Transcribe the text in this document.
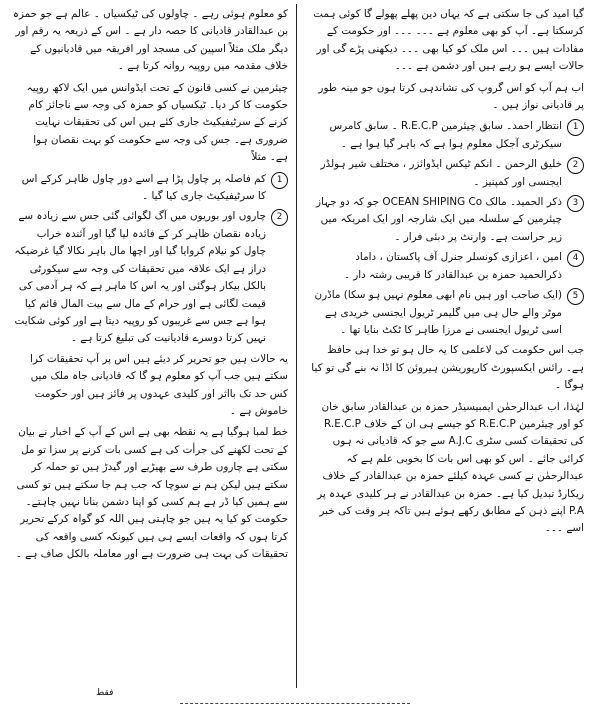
گیا امید کی جا سکتی ہے کہ یہاں دین پھلے پھولے گا کوئی ہمت کرسکتا ہے۔ آپ کو بھی معلوم ہے ۔۔۔ ۔۔۔ اور حکومت کے مفادات ہیں ۔۔۔ اس ملک کو کیا بھی ۔۔۔ دیکھنی پڑے گی اور حالات ایسے ہو رہے ہیں اور دشمن ہے ۔۔۔

اب ہم آپ کو اس گروپ کی نشاندہی کرتا ہوں جو مینہ طور پر قادیانی نواز ہیں ۔

1
انتظار احمد۔ سابق چیئرمین R.E.C.P ۔ سابق کامرس سیکرٹری آجکل معلوم ہوا ہے کہ باہر گیا ہوا ہے ۔
2
خلیق الرحمن ۔ انکم ٹیکس ایڈوائزر ، مختلف شیر ہولڈر ایجنسی اور کمپنیز ۔
3
ذکر الحمید۔ مالک OCEAN SHIPING Co جو کہ دو جہاز چیئرمین کے سلسلہ میں ایک شارجہ اور ایک امریکہ میں زیر حراست ہے۔ وارنٹ پر دبئی فرار ۔
4
امین ، اعزازی کونسلر جنرل آف پاکستان ، داماد ذکرالحمید حمزہ بن عبدالقادر کا قریبی رشتہ دار ۔
5
(ایک صاحب اور ہیں نام ابھی معلوم نہیں ہو سکا) ماڈرن موٹر والے حال ہی میں گلیمر ٹریول ایجنسی خریدی ہے اسی ٹریول ایجنسی نے مرزا طاہر کا ٹکٹ بنایا تھا ۔

جب اس حکومت کی لاعلمی کا یہ حال ہو تو خدا ہی حافظ ہے۔ رائس ایکسپورٹ کارپوریشن ہیروئن کا اڈا نہ بنے گی تو کیا ہوگا ۔

لہٰذا، اب عبدالرحمٰن ایمبیسیڈر حمزہ بن عبدالقادر سابق خان کو اور چیئرمین R.E.C.P کو جیسے ہی ان کے خلاف R.E.C.P کی تحقیقات کسی سٹری A.J.C سے جو کہ قادیانی نہ ہوں کرائی جائے ۔ اس کو بھی اس بات کا بخوبی علم ہے کہ عبدالرحمٰن نے کسی عہدہ کیلئے حمزہ بن عبدالقادر کے خلاف ریکارڈ تبدیل کیا ہے۔ حمزہ بن عبدالقادر نے ہر کلیدی عہدہ پر P.A اپنے ذہن کے مطابق رکھے ہوئے ہیں تاکہ ہر وقت کی خبر اسے ۔۔۔

کو معلوم ہوئی رہے ۔ چاولوں کی ٹیکسیاں ۔ عالم ہے جو حمزہ بن عبدالقادر قادیانی کا حصہ دار ہے ۔ اس کے ذریعہ یہ رقم اور دیگر ملک مثلاً اسپین کی مسجد اور افریقہ میں قادیانیوں کے خلاف مقدمہ میں روپیہ روانہ کرتا ہے ۔

چیئرمین نے کسی قانون کے تحت ایڈوانس میں ایک لاکھ روپیہ حکومت کا کر دیا۔ ٹیکسیاں کو حمزہ کی وجہ سے ناجائز کام کرنے کے سرٹیفیکیٹ جاری کئے ہیں اس کی تحقیقات نہایت ضروری ہے۔ جس کی وجہ سے حکومت کو بہت نقصان ہوا ہے۔ مثلاً

1
کم فاصلہ پر چاول پڑا ہے اسے دور چاول ظاہر کرکے اس کا سرٹیفیکیٹ جاری کیا گیا ۔
2
چاروں اور بوریوں میں آگ لگوائی گئی جس سے زیادہ سے زیادہ نقصان ظاہر کر کے فائدہ لیا گیا اور آئندہ خراب چاول کو نیلام کروایا گیا اور اچھا مال باہر نکالا گیا غرضیکہ دراز ہے ایک علاقہ میں تحقیقات کی وجہ سے سیکورٹی بالکل بیکار ہوگئی اور یہ اس کا ماہر ہے کہ ہر آدمی کی قیمت لگائی ہے اور حرام کے مال سے بیت المال قائم کیا ہوا ہے جس سے غریبوں کو روپیہ دیتا ہے اور کوئی شکایت نہیں کرتا دوسرے قادیانیت کی تبلیغ کرتا ہے ۔

یہ حالات ہیں جو تحریر کر دیئے ہیں اس پر آپ تحقیقات کرا سکتے ہیں جب آپ کو معلوم ہو گا کہ قادیانی جاہ ملک میں کس حد تک بااثر اور کلیدی عہدوں پر فائز ہیں اور حکومت خاموش ہے ۔

خط لمبا ہوگیا ہے یہ نقطہ بھی ہے اس کے آپ کے اخبار نے بیان کے تحت لکھنے کی جرأت کی ہے کسی بات کرنے پر سزا تو مل سکتی ہے چاروں طرف سے بھیڑیے اور گیدڑ ہیں تو حملہ کر سکتے ہیں لیکن ہم نے سوچا کہ جب ہم جا سکتے ہیں تو کسی سے ہمیں کیا ڈر ہے ہم کسی کو اپنا دشمن بنانا نہیں چاہتے۔ حکومت کو کیا یہ ہیں جو چاہتی ہیں اللہ کو گواہ کرکے تحریر کرتا ہوں کہ واقعات ایسے ہی ہیں کیونکہ کسی واقعہ کی تحقیقات کی بہت ہی ضرورت ہے اور معاملہ بالکل صاف ہے ۔

فقط
